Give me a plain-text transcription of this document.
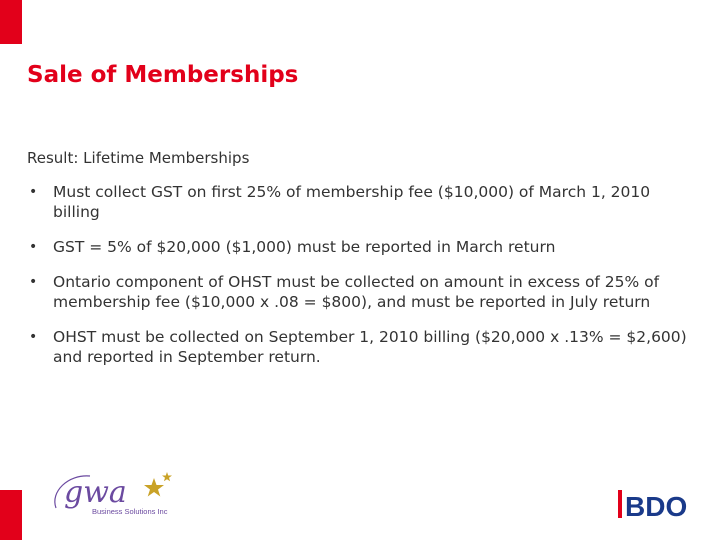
Sale of Memberships

Result: Lifetime Memberships

• Must collect GST on first 25% of membership fee ($10,000) of March 1, 2010 billing
• GST = 5% of $20,000 ($1,000) must be reported in March return
• Ontario component of OHST must be collected on amount in excess of 25% of membership fee ($10,000 x .08 = $800), and must be reported in July return
• OHST must be collected on September 1, 2010 billing ($20,000 x .13% = $2,600) and reported in September return.
gwa
Business Solutions Inc	BDO
